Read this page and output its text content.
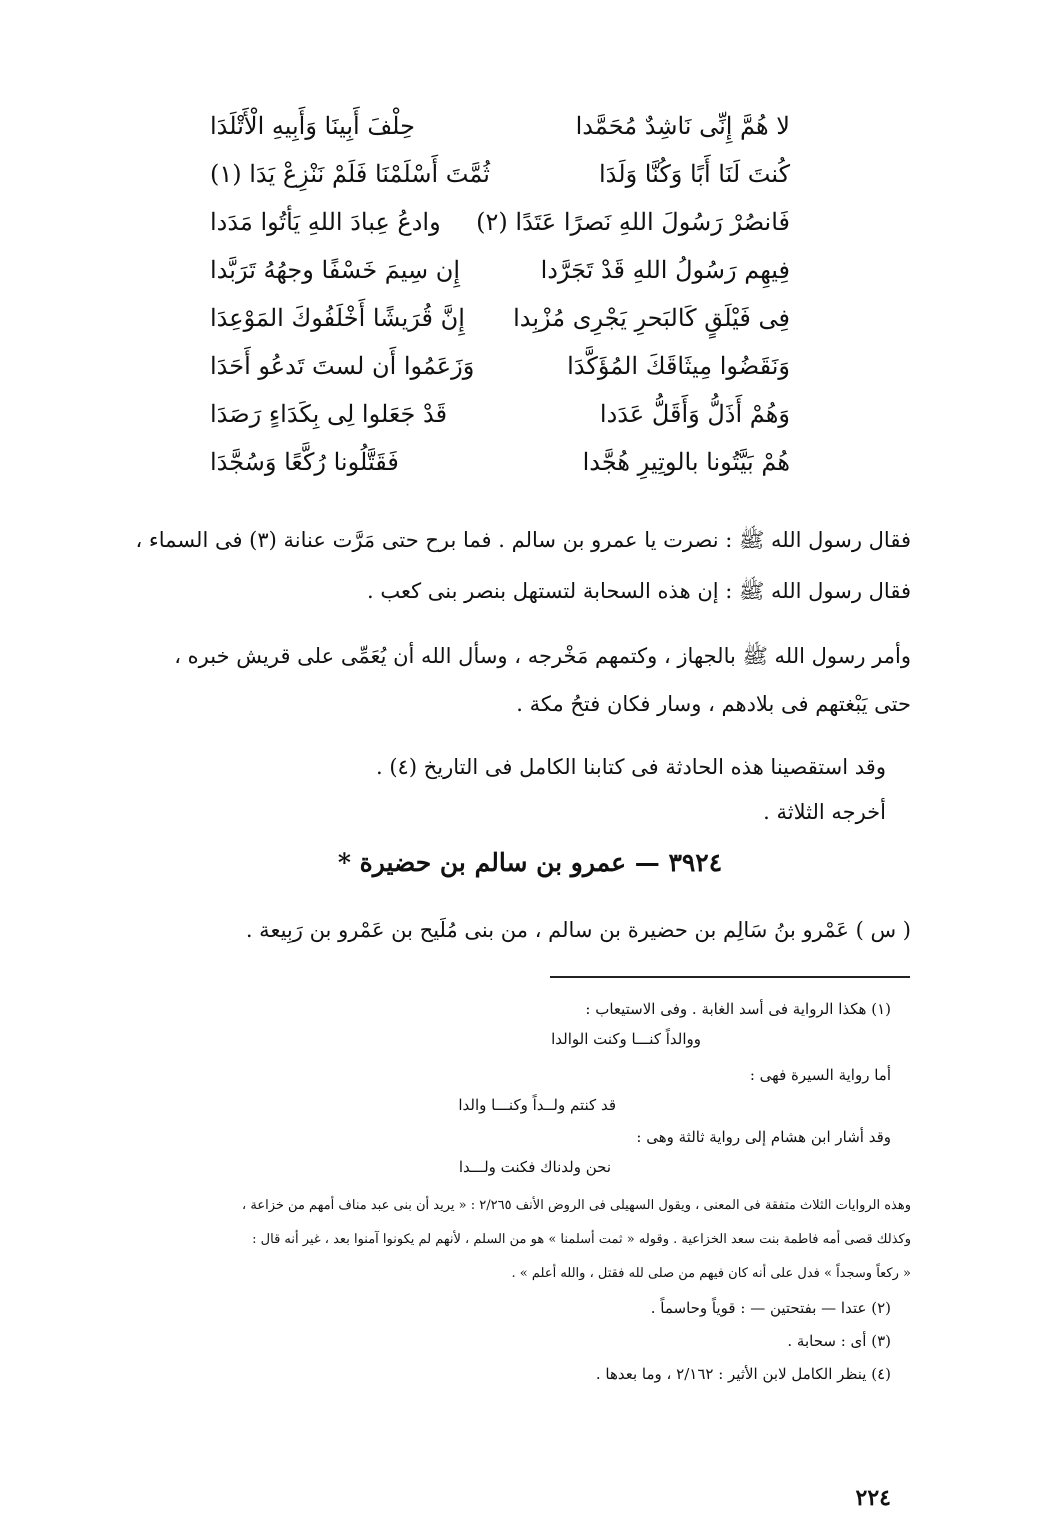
لا هُمَّ إِنِّى نَاشِدٌ مُحَمَّدا
حِلْفَ أَبِينَا وَأَبِيهِ الْأَتْلَدَا
كُنتَ لَنَا أَبًا وَكُنَّا وَلَدَا
ثُمَّتَ أَسْلَمْنَا فَلَمْ نَنْزِعْ يَدَا (١)
فَانصُرْ رَسُولَ اللهِ نَصرًا عَتَدًا (٢)
وادعُ عِبادَ اللهِ يَأتُوا مَدَدا
فِيهِم رَسُولُ اللهِ قَدْ تَجَرَّدا
إِن سِيمَ خَسْفًا وجهُهُ تَرَبَّدا
فِى فَيْلَقٍ كَالبَحرِ يَجْرِى مُزْبِدا
إِنَّ قُرَيشًا أَخْلَفُوكَ المَوْعِدَا
وَنَقَضُوا مِيثَاقَكَ المُؤَكَّدَا
وَزَعَمُوا أَن لستَ تَدعُو أَحَدَا
وَهُمْ أَذَلُّ وَأَقَلُّ عَدَدا
قَدْ جَعَلوا لِى بِكَدَاءٍ رَصَدَا
هُمْ بَيَّتُونا بالوتِيرِ هُجَّدا
فَقَتَّلُونا رُكَّعًا وَسُجَّدَا
فقال رسول الله ﷺ : نصرت يا عمرو بن سالم . فما برح حتى مَرَّت عنانة (٣) فى السماء ،
فقال رسول الله ﷺ : إن هذه السحابة لتستهل بنصر بنى كعب .
وأمر رسول الله ﷺ بالجهاز ، وكتمهم مَخْرجه ، وسأل الله أن يُعَمِّى على قريش خبره ،
حتى يَبْغتهم فى بلادهم ، وسار فكان فتحُ مكة .
وقد استقصينا هذه الحادثة فى كتابنا الكامل فى التاريخ (٤) .
أخرجه الثلاثة .
٣٩٢٤ — عمرو بن سالم بن حضيرة *
( س ) عَمْرو بنُ سَالِم بن حضيرة بن سالم ، من بنى مُلَيح بن عَمْرو بن رَبِيعة .
(١) هكذا الرواية فى أسد الغابة . وفى الاستيعاب :
ووالداً كنـــا وكنت الوالدا
أما رواية السيرة فهى :
قد كنتم ولــداً وكنـــا والدا
وقد أشار ابن هشام إلى رواية ثالثة وهى :
نحن ولدناك فكنت ولـــدا
وهذه الروايات الثلاث متفقة فى المعنى ، ويقول السهيلى فى الروض الأنف ٢/٢٦٥ : « يريد أن بنى عبد مناف أمهم من خزاعة ،
وكذلك قصى أمه فاطمة بنت سعد الخزاعية . وقوله « ثمت أسلمنا » هو من السلم ، لأنهم لم يكونوا آمنوا بعد ، غير أنه قال :
« ركعاً وسجداً » فدل على أنه كان فيهم من صلى لله فقتل ، والله أعلم » .
(٢) عتدا — بفتحتين — : قوياً وحاسماً .
(٣) أى : سحابة .
(٤) ينظر الكامل لابن الأثير : ٢/١٦٢ ، وما بعدها .
٢٢٤
